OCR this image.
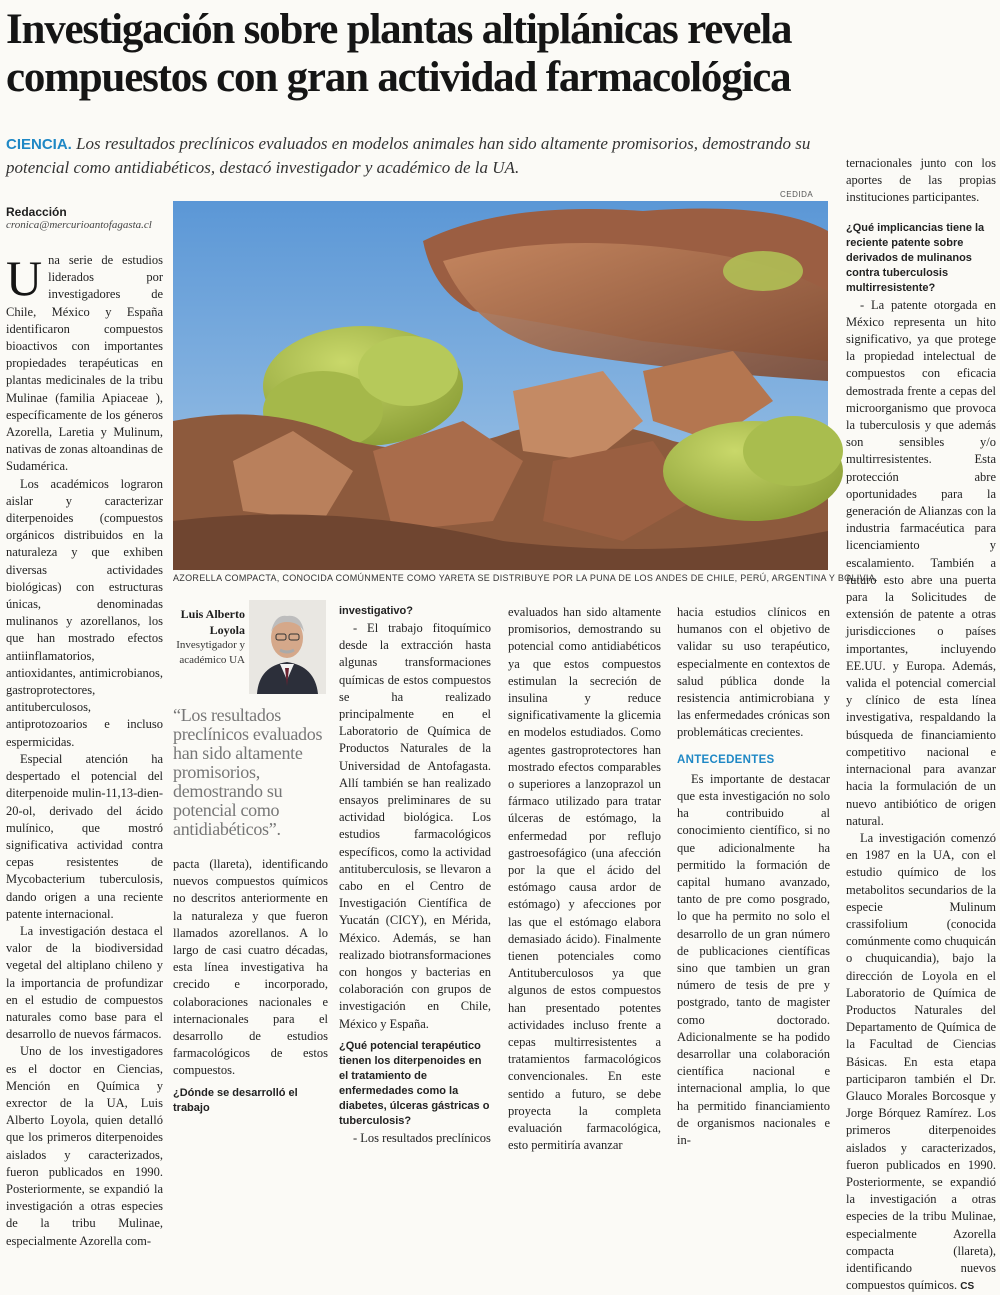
Investigación sobre plantas altiplánicas revela
compuestos con gran actividad farmacológica
CIENCIA. Los resultados preclínicos evaluados en modelos animales han sido altamente promisorios, demostrando su potencial como antidiabéticos, destacó investigador y académico de la UA.
Redacción
cronica@mercurioantofagasta.cl

Una serie de estudios liderados por investigadores de Chile, México y España identificaron compuestos bioactivos con importantes propiedades terapéuticas en plantas medicinales de la tribu Mulinae (familia Apiaceae ), específicamente de los géneros Azorella, Laretia y Mulinum, nativas de zonas altoandinas de Sudamérica.

Los académicos lograron aislar y caracterizar diterpenoides (compuestos orgánicos distribuidos en la naturaleza y que exhiben diversas actividades biológicas) con estructuras únicas, denominadas mulinanos y azorellanos, los que han mostrado efectos antiinflamatorios, antioxidantes, antimicrobianos, gastroprotectores, antituberculosos, antiprotozoarios e incluso espermicidas.

Especial atención ha despertado el potencial del diterpenoide mulin-11,13-dien-20-ol, derivado del ácido mulínico, que mostró significativa actividad contra cepas resistentes de Mycobacterium tuberculosis, dando origen a una reciente patente internacional.

La investigación destaca el valor de la biodiversidad vegetal del altiplano chileno y la importancia de profundizar en el estudio de compuestos naturales como base para el desarrollo de nuevos fármacos.

Uno de los investigadores es el doctor en Ciencias, Mención en Química y exrector de la UA, Luis Alberto Loyola, quien detalló que los primeros diterpenoides aislados y caracterizados, fueron publicados en 1990. Posteriormente, se expandió la investigación a otras especies de la tribu Mulinae, especialmente Azorella com-

CEDIDA
AZORELLA COMPACTA, CONOCIDA COMÚNMENTE COMO YARETA SE DISTRIBUYE POR LA PUNA DE LOS ANDES DE CHILE, PERÚ, ARGENTINA Y BOLIVIA.
Luis Alberto Loyola
Invesytigador y académico UA
“Los resultados preclínicos evaluados han sido altamente promisorios, demostrando su potencial como antidiabéticos”.

pacta (llareta), identificando nuevos compuestos químicos no descritos anteriormente en la naturaleza y que fueron llamados azorellanos. A lo largo de casi cuatro décadas, esta línea investigativa ha crecido e incorporado, colaboraciones nacionales e internacionales para el desarrollo de estudios farmacológicos de estos compuestos.

¿Dónde se desarrolló el trabajo
investigativo?

- El trabajo fitoquímico desde la extracción hasta algunas transformaciones químicas de estos compuestos se ha realizado principalmente en el Laboratorio de Química de Productos Naturales de la Universidad de Antofagasta. Allí también se han realizado ensayos preliminares de su actividad biológica. Los estudios farmacológicos específicos, como la actividad antituberculosis, se llevaron a cabo en el Centro de Investigación Científica de Yucatán (CICY), en Mérida, México. Además, se han realizado biotransformaciones con hongos y bacterias en colaboración con grupos de investigación en Chile, México y España.

¿Qué potencial terapéutico tienen los diterpenoides en el tratamiento de enfermedades como la diabetes, úlceras gástricas o tuberculosis?

- Los resultados preclínicos

evaluados han sido altamente promisorios, demostrando su potencial como antidiabéticos ya que estos compuestos estimulan la secreción de insulina y reduce significativamente la glicemia en modelos estudiados. Como agentes gastroprotectores han mostrado efectos comparables o superiores a lanzoprazol un fármaco utilizado para tratar úlceras de estómago, la enfermedad por reflujo gastroesofágico (una afección por la que el ácido del estómago causa ardor de estómago) y afecciones por las que el estómago elabora demasiado ácido). Finalmente tienen potenciales como Antituberculosos ya que algunos de estos compuestos han presentado potentes actividades incluso frente a cepas multirresistentes a tratamientos farmacológicos convencionales. En este sentido a futuro, se debe proyecta la completa evaluación farmacológica, esto permitiría avanzar

hacia estudios clínicos en humanos con el objetivo de validar su uso terapéutico, especialmente en contextos de salud pública donde la resistencia antimicrobiana y las enfermedades crónicas son problemáticas crecientes.

ANTECEDENTES

Es importante de destacar que esta investigación no solo ha contribuido al conocimiento científico, si no que adicionalmente ha permitido la formación de capital humano avanzado, tanto de pre como posgrado, lo que ha permito no solo el desarrollo de un gran número de publicaciones científicas sino que tambien un gran número de tesis de pre y postgrado, tanto de magister como doctorado. Adicionalmente se ha podido desarrollar una colaboración científica nacional e internacional amplia, lo que ha permitido financiamiento de organismos nacionales e in-

ternacionales junto con los aportes de las propias instituciones participantes.

¿Qué implicancias tiene la reciente patente sobre derivados de mulinanos contra tuberculosis multirresistente?

- La patente otorgada en México representa un hito significativo, ya que protege la propiedad intelectual de compuestos con eficacia demostrada frente a cepas del microorganismo que provoca la tuberculosis y que además son sensibles y/o multirresistentes. Esta protección abre oportunidades para la generación de Alianzas con la industria farmacéutica para licenciamiento y escalamiento. También a futuro esto abre una puerta para la Solicitudes de extensión de patente a otras jurisdicciones o países importantes, incluyendo EE.UU. y Europa. Además, valida el potencial comercial y clínico de esta línea investigativa, respaldando la búsqueda de financiamiento competitivo nacional e internacional para avanzar hacia la formulación de un nuevo antibiótico de origen natural.

La investigación comenzó en 1987 en la UA, con el estudio químico de los metabolitos secundarios de la especie Mulinum crassifolium (conocida comúnmente como chuquicán o chuquicandia), bajo la dirección de Loyola en el Laboratorio de Química de Productos Naturales del Departamento de Química de la Facultad de Ciencias Básicas. En esta etapa participaron también el Dr. Glauco Morales Borcosque y Jorge Bórquez Ramírez. Los primeros diterpenoides aislados y caracterizados, fueron publicados en 1990. Posteriormente, se expandió la investigación a otras especies de la tribu Mulinae, especialmente Azorella compacta (llareta), identificando nuevos compuestos químicos. CS
